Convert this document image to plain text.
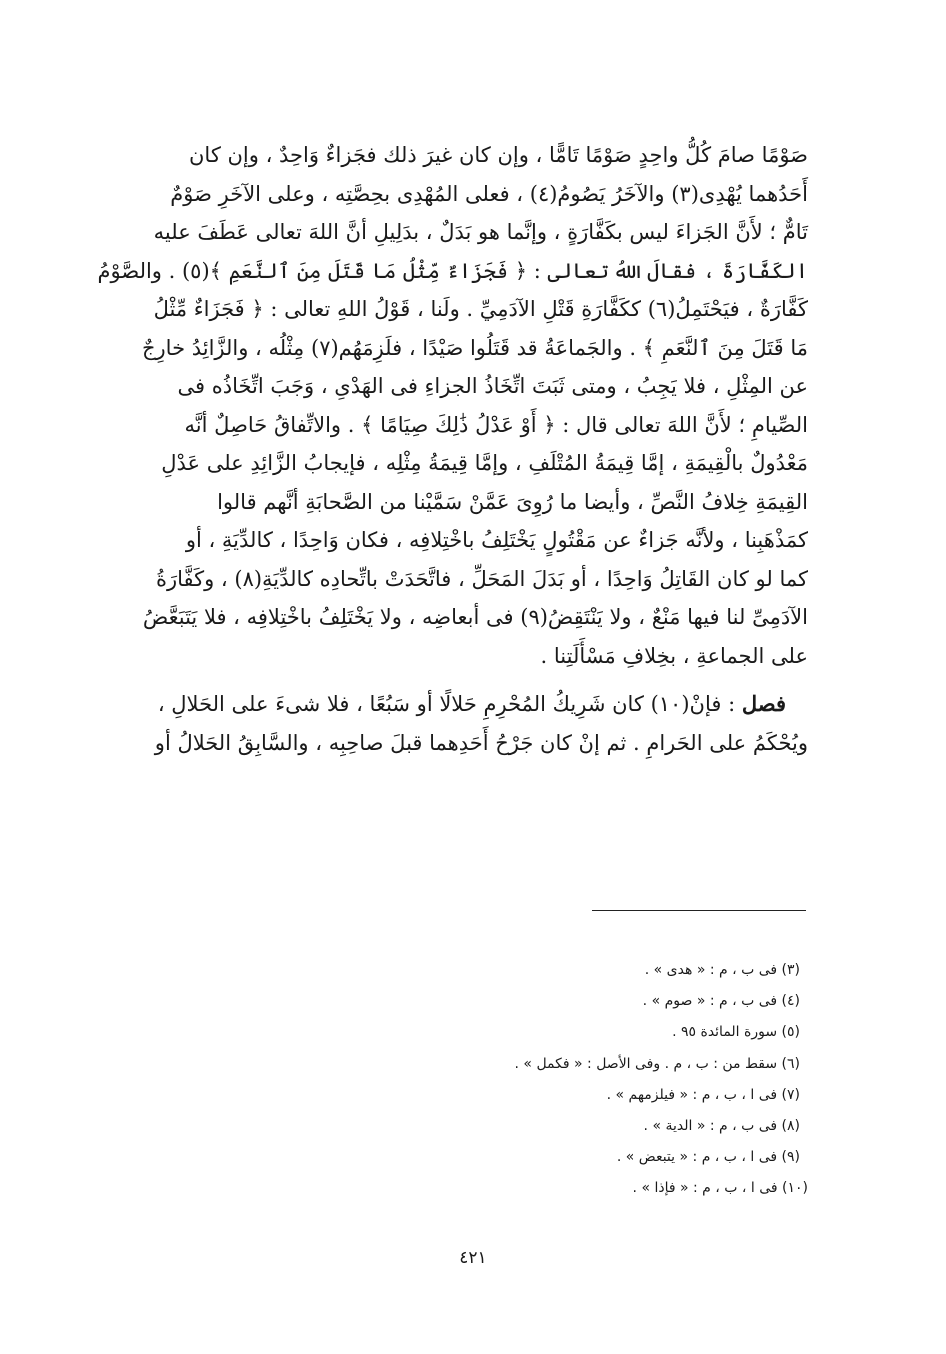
صَوْمًا صامَ كُلُّ واحِدٍ صَوْمًا تَامًّا ، وإن كان غيرَ ذلك فجَزاءٌ وَاحِدٌ ، وإن كان
أَحَدُهما يُهْدِى(٣) والآخَرُ يَصُومُ(٤) ، فعلى المُهْدِى بحِصَّتِه ، وعلى الآخَرِ صَوْمٌ
تَامٌّ ؛ لأَنَّ الجَزاءَ ليس بكَفَّارَةٍ ، وإنَّما هو بَدَلٌ ، بدَلِيلِ أنَّ اللهَ تعالى عَطَفَ عليه
الكَفَّارَةَ ، فقالَ اللهُ تعالى : ﴿ فَجَزَاءٌ مِّثْلُ مَا قَتَلَ مِنَ ٱلنَّعَمِ ﴾(٥) . والصَّوْمُ
كَفَّارَةٌ ، فيَحْتَمِلُ(٦) ككَفَّارَةِ قَتْلِ الآدَمِيِّ . ولَنا ، قَوْلُ اللهِ تعالى : ﴿ فَجَزَاءٌ مِّثْلُ
مَا قَتَلَ مِنَ ٱلنَّعَمِ ﴾ . والجَماعَةُ قد قَتَلُوا صَيْدًا ، فلَزِمَهُم(٧) مِثْلُه ، والزَّائِدُ خارِجٌ
عن المِثْلِ ، فلا يَجِبُ ، ومتى ثَبَتَ اتِّخَاذُ الجزاءِ فى الهَدْىِ ، وَجَبَ اتِّخَاذُه فى
الصِّيامِ ؛ لأَنَّ اللهَ تعالى قال : ﴿ أَوْ عَدْلُ ذَٰلِكَ صِيَامًا ﴾ . والاتِّفاقُ حَاصِلٌ أنَّه
مَعْدُولٌ بالْقِيمَةِ ، إمَّا قِيمَةُ المُتْلَفِ ، وإمَّا قِيمَةُ مِثْلِه ، فإيجابُ الزَّائِدِ على عَدْلِ
القِيمَةِ خِلافُ النَّصِّ ، وأيضا ما رُوِىَ عَمَّنْ سَمَّيْنا من الصَّحابَةِ أنَّهم قالوا
كمَذْهَبِنا ، ولأنَّه جَزاءٌ عن مَقْتُولٍ يَخْتَلِفُ باخْتِلافِه ، فكان وَاحِدًا ، كالدِّيَةِ ، أو
كما لو كان القَاتِلُ وَاحِدًا ، أو بَدَلَ المَحَلِّ ، فاتَّحَدَتْ باتِّحادِه كالدِّيَةِ(٨) ، وكَفَّارَةُ
الآدَمِىِّ لنا فيها مَنْعٌ ، ولا يَنْتَقِضُ(٩) فى أبعاضِه ، ولا يَخْتَلِفُ باخْتِلافِه ، فلا يَتَبَعَّضُ
على الجماعةِ ، بخِلافِ مَسْأَلَتِنا .

فصل : فإنْ(١٠) كان شَرِيكُ المُحْرِمِ حَلالًا أو سَبُعًا ، فلا شىءَ على الحَلالِ ،
ويُحْكَمُ على الحَرامِ . ثم إنْ كان جَرْحُ أَحَدِهما قبلَ صاحِبِه ، والسَّابِقُ الحَلالُ أو

(٣) فى ب ، م : « هدى » .
(٤) فى ب ، م : « صوم » .
(٥) سورة المائدة ٩٥ .
(٦) سقط من : ب ، م . وفى الأصل : « فكمل » .
(٧) فى ا ، ب ، م : « فيلزمهم » .
(٨) فى ب ، م : « الدية » .
(٩) فى ا ، ب ، م : « يتبعض » .
(١٠) فى ا ، ب ، م : « فإذا » .
٤٢١
